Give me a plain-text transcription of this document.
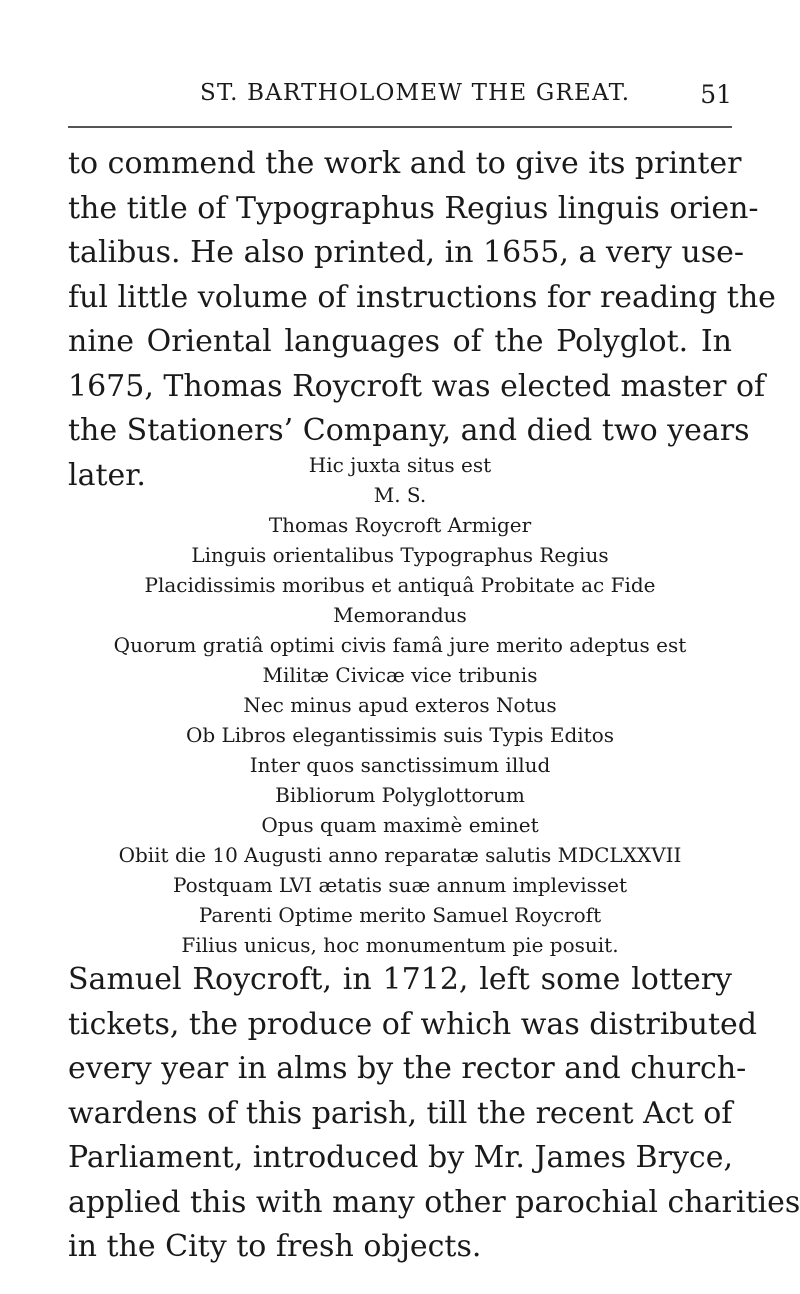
ST. BARTHOLOMEW THE GREAT.	51

to commend the work and to give its printer
the title of Typographus Regius linguis orien-
talibus. He also printed, in 1655, a very use-
ful little volume of instructions for reading the
nine Oriental languages of the Polyglot. In
1675, Thomas Roycroft was elected master of
the Stationers’ Company, and died two years
later.	Hic juxta situs est
M. S.
Thomas Roycroft Armiger
Linguis orientalibus Typographus Regius
Placidissimis moribus et antiquâ Probitate ac Fide
Memorandus
Quorum gratiâ optimi civis famâ jure merito adeptus est
Militæ Civicæ vice tribunis
Nec minus apud exteros Notus
Ob Libros elegantissimis suis Typis Editos
Inter quos sanctissimum illud
Bibliorum Polyglottorum
Opus quam maximè eminet
Obiit die 10 Augusti anno reparatæ salutis MDCLXXVII
Postquam LVI ætatis suæ annum implevisset
Parenti Optime merito Samuel Roycroft
Filius unicus, hoc monumentum pie posuit.

Samuel Roycroft, in 1712, left some lottery
tickets, the produce of which was distributed
every year in alms by the rector and church-
wardens of this parish, till the recent Act of
Parliament, introduced by Mr. James Bryce,
applied this with many other parochial charities
in the City to fresh objects.
